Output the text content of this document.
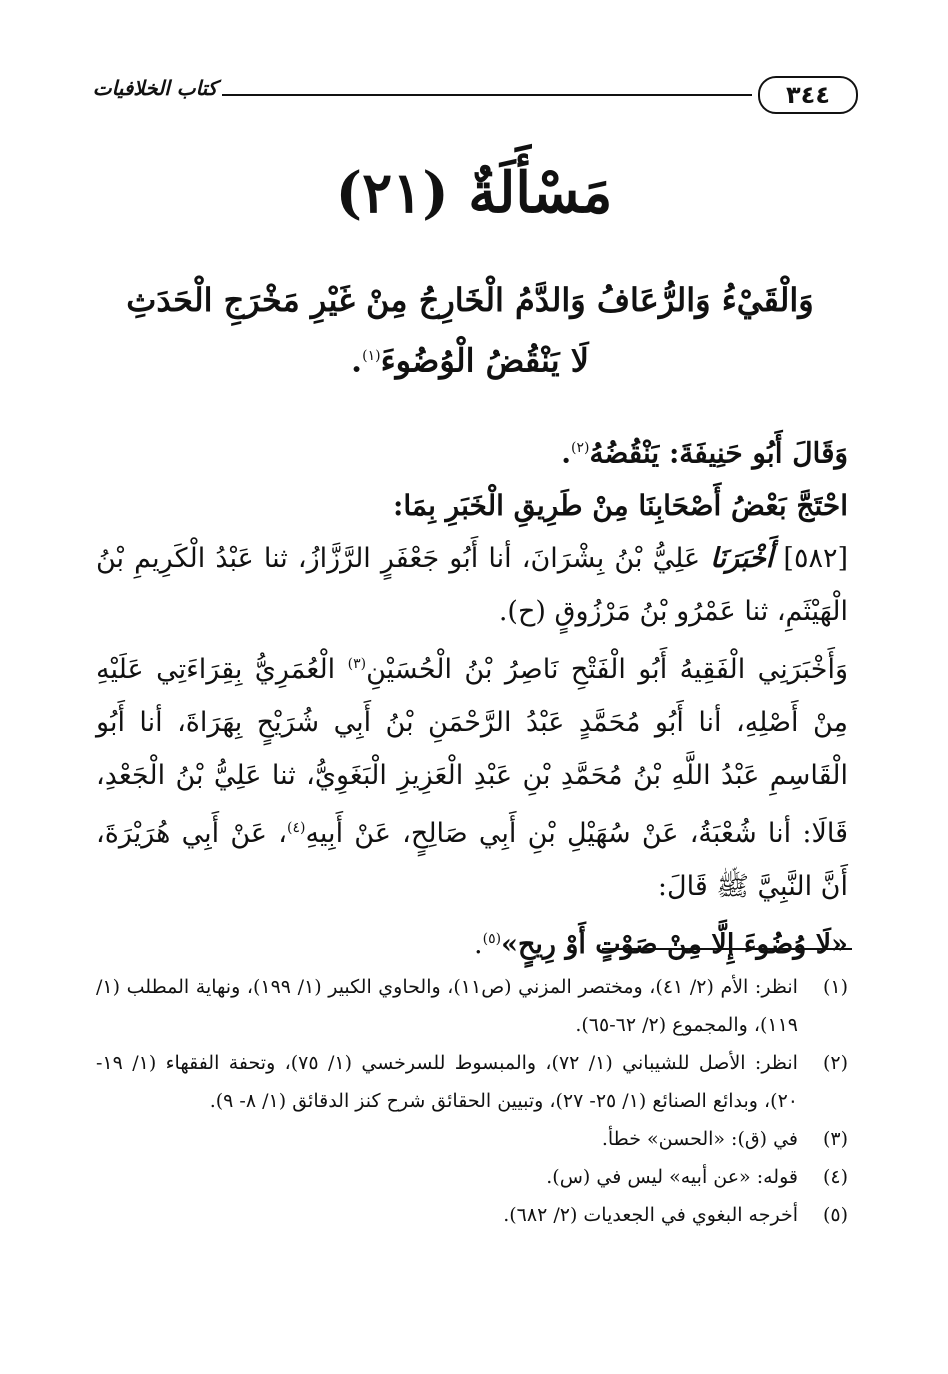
٣٤٤
كتاب الخلافيات
مَسْأَلَةٌ (٢١)
وَالْقَيْءُ وَالرُّعَافُ وَالدَّمُ الْخَارِجُ مِنْ غَيْرِ مَخْرَجِ الْحَدَثِ
لَا يَنْقُضُ الْوُضُوءَ$^{(١)}$.

وَقَالَ أَبُو حَنِيفَةَ: يَنْقُضُهُ$^{(٢)}$.

احْتَجَّ بَعْضُ أَصْحَابِنَا مِنْ طَرِيقِ الْخَبَرِ بِمَا:

[٥٨٢] أَخْبَرَنَا عَلِيُّ بْنُ بِشْرَانَ، أنا أَبُو جَعْفَرٍ الرَّزَّازُ، ثنا عَبْدُ الْكَرِيمِ بْنُ الْهَيْثَمِ، ثنا عَمْرُو بْنُ مَرْزُوقٍ (ح).

وَأَخْبَرَنِي الْفَقِيهُ أَبُو الْفَتْحِ نَاصِرُ بْنُ الْحُسَيْنِ$^{(٣)}$ الْعُمَرِيُّ بِقِرَاءَتِي عَلَيْهِ مِنْ أَصْلِهِ، أنا أَبُو مُحَمَّدٍ عَبْدُ الرَّحْمَنِ بْنُ أَبِي شُرَيْحٍ بِهَرَاةَ، أنا أَبُو الْقَاسِمِ عَبْدُ اللَّهِ بْنُ مُحَمَّدِ بْنِ عَبْدِ الْعَزِيزِ الْبَغَوِيُّ، ثنا عَلِيُّ بْنُ الْجَعْدِ، قَالَا: أنا شُعْبَةُ، عَنْ سُهَيْلِ بْنِ أَبِي صَالِحٍ، عَنْ أَبِيهِ$^{(٤)}$، عَنْ أَبِي هُرَيْرَةَ، أَنَّ النَّبِيَّ ﷺ قَالَ:
«لَا وُضُوءَ إِلَّا مِنْ صَوْتٍ أَوْ رِيحٍ»$^{(٥)}$.

(١)
انظر: الأم (٢/ ٤١)، ومختصر المزني (ص١١)، والحاوي الكبير (١/ ١٩٩)، ونهاية المطلب (١/ ١١٩)، والمجموع (٢/ ٦٢-٦٥).
(٢)
انظر: الأصل للشيباني (١/ ٧٢)، والمبسوط للسرخسي (١/ ٧٥)، وتحفة الفقهاء (١/ ١٩- ٢٠)، وبدائع الصنائع (١/ ٢٥- ٢٧)، وتبيين الحقائق شرح كنز الدقائق (١/ ٨- ٩).
(٣)
في (ق): «الحسن» خطأ.
(٤)
قوله: «عن أبيه» ليس في (س).
(٥)
أخرجه البغوي في الجعديات (٢/ ٦٨٢).
